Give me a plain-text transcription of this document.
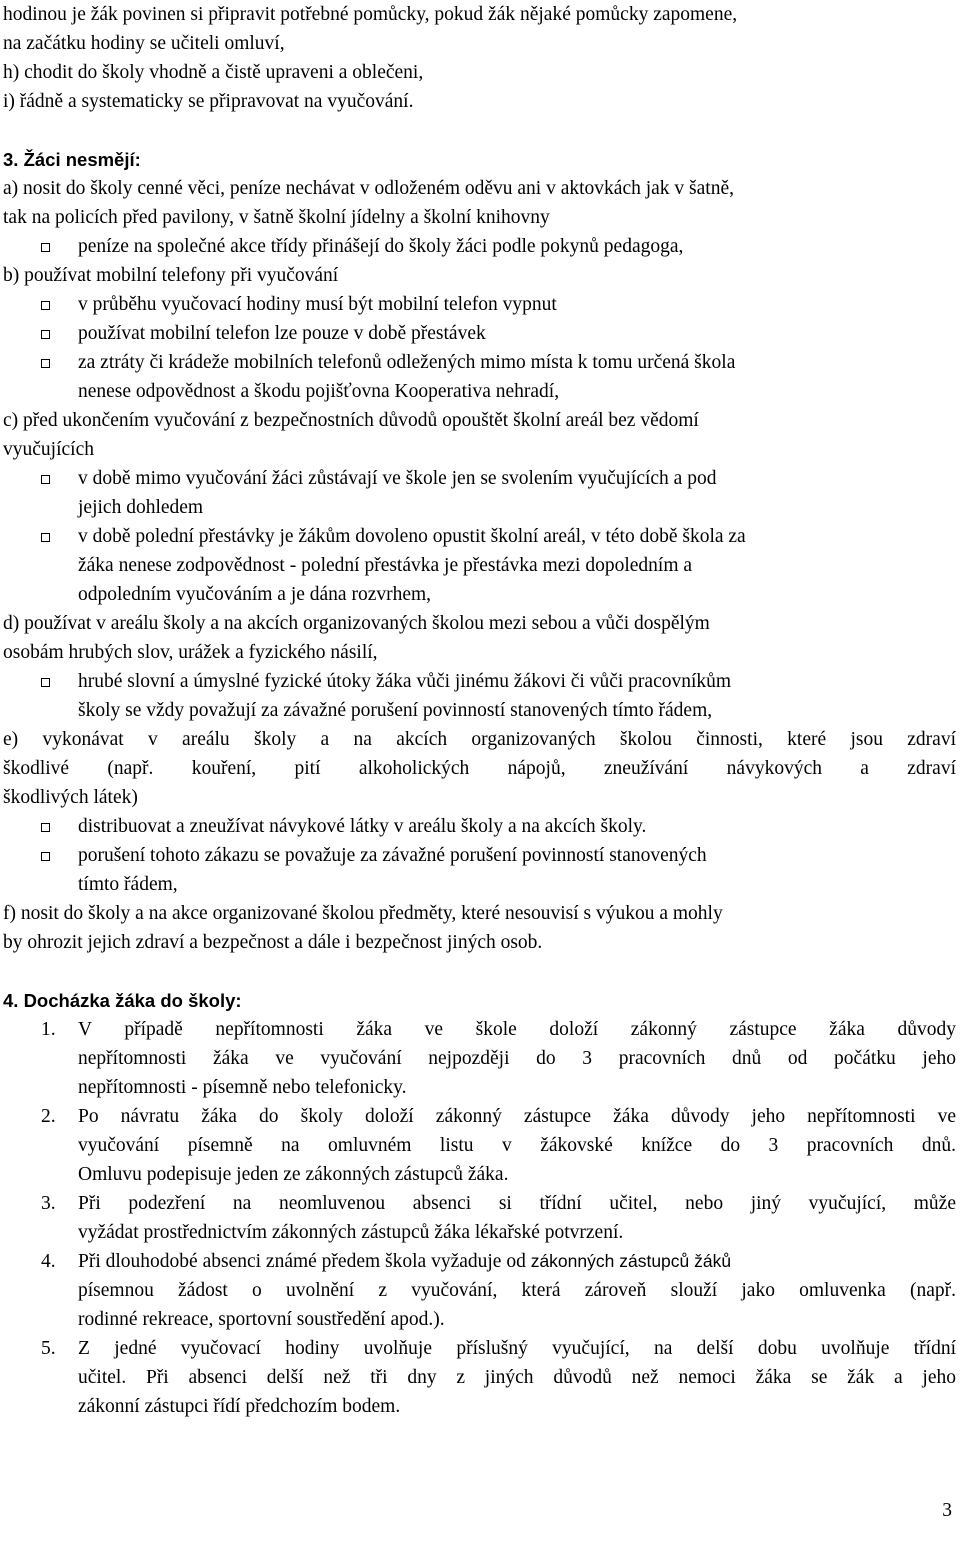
hodinou je žák povinen si připravit potřebné pomůcky, pokud žák nějaké pomůcky zapomene,
na začátku hodiny se učiteli omluví,
h) chodit do školy vhodně a čistě upraveni a oblečeni,
i) řádně a systematicky se připravovat na vyučování.
3. Žáci nesmějí:
a) nosit do školy cenné věci, peníze nechávat v odloženém oděvu ani v aktovkách jak v šatně,
tak na policích před pavilony, v šatně školní jídelny a školní knihovny
peníze na společné akce třídy přinášejí do školy žáci podle pokynů pedagoga,
b) používat mobilní telefony při vyučování
v průběhu vyučovací hodiny musí být mobilní telefon vypnut
používat mobilní telefon lze pouze v době přestávek
za ztráty či krádeže mobilních telefonů odležených mimo místa k tomu určená škola
nenese odpovědnost a škodu pojišťovna Kooperativa nehradí,
c) před ukončením vyučování z bezpečnostních důvodů opouštět školní areál bez vědomí
vyučujících
v době mimo vyučování žáci zůstávají ve škole jen se svolením vyučujících a pod
jejich dohledem
v době polední přestávky je žákům dovoleno opustit školní areál, v této době škola za
žáka nenese zodpovědnost - polední přestávka je přestávka mezi dopoledním a
odpoledním vyučováním a je dána rozvrhem,
d) používat v areálu školy a na akcích organizovaných školou mezi sebou a vůči dospělým
osobám hrubých slov, urážek a fyzického násilí,
hrubé slovní a úmyslné fyzické útoky žáka vůči jinému žákovi či vůči pracovníkům
školy se vždy považují za závažné porušení povinností stanovených tímto řádem,
e) vykonávat v areálu školy a na akcích organizovaných školou činnosti, které jsou zdraví
škodlivé (např. kouření, pití alkoholických nápojů, zneužívání návykových a zdraví
škodlivých látek)
distribuovat a zneužívat návykové látky v areálu školy a na akcích školy.
porušení tohoto zákazu se považuje za závažné porušení povinností stanovených
tímto řádem,
f) nosit do školy a na akce organizované školou předměty, které nesouvisí s výukou a mohly
by ohrozit jejich zdraví a bezpečnost a dále i bezpečnost jiných osob.
4. Docházka žáka do školy:
1. V případě nepřítomnosti žáka ve škole doloží zákonný zástupce žáka důvody
nepřítomnosti žáka ve vyučování nejpozději do 3 pracovních dnů od počátku jeho
nepřítomnosti - písemně nebo telefonicky.
2. Po návratu žáka do školy doloží zákonný zástupce žáka důvody jeho nepřítomnosti ve
vyučování písemně na omluvném listu v žákovské knížce do 3 pracovních dnů.
Omluvu podepisuje jeden ze zákonných zástupců žáka.
3. Při podezření na neomluvenou absenci si třídní učitel, nebo jiný vyučující, může
vyžádat prostřednictvím zákonných zástupců žáka lékařské potvrzení.
4. Při dlouhodobé absenci známé předem škola vyžaduje od zákonných zástupců žáků
písemnou žádost o uvolnění z vyučování, která zároveň slouží jako omluvenka (např.
rodinné rekreace, sportovní soustředění apod.).
5. Z jedné vyučovací hodiny uvolňuje příslušný vyučující, na delší dobu uvolňuje třídní
učitel. Při absenci delší než tři dny z jiných důvodů než nemoci žáka se žák a jeho
zákonní zástupci řídí předchozím bodem.
3
